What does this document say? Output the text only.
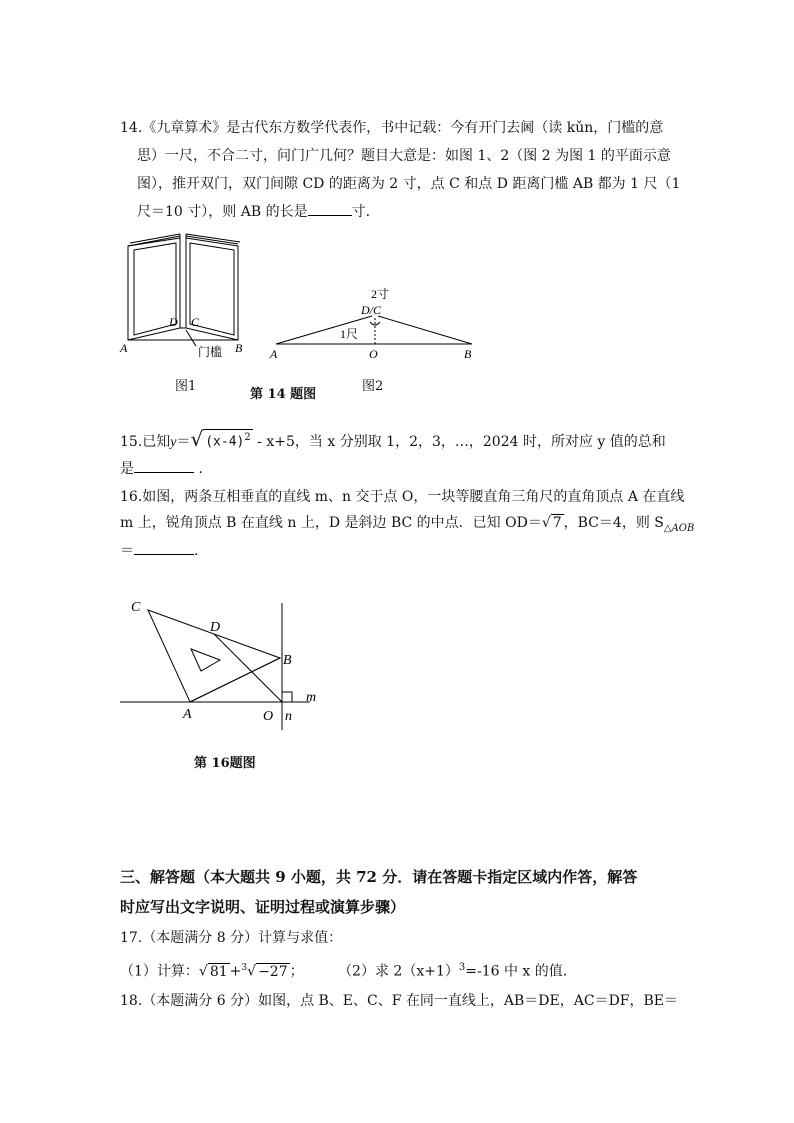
14.《九章算术》是古代东方数学代表作，书中记载：今有开门去阃（读 kǔn，门槛的意
思）一尺，不合二寸，问门广几何？题目大意是：如图 1、2（图 2 为图 1 的平面示意
图），推开双门，双门间隙 CD 的距离为 2 寸，点 C 和点 D 距离门槛 AB 都为 1 尺（1
尺＝10 寸），则 AB 的长是	寸.
A	B
D C
门槛
2寸
D/C
1尺
A	O	B
图1
第 14 题图
图2
15.已知y＝√ $(x-4)^2 - x+5$，当 x 分别取 1，2，3，…，2024 时，所对应 y 值的总和
是	．
16.如图，两条互相垂直的直线 m、n 交于点 O，一块等腰直角三角尺的直角顶点 A 在直线
m 上，锐角顶点 B 在直线 n 上，D 是斜边 BC 的中点．已知 OD＝√ 7 ，BC＝4，则 $S_{\triangle AOB}$
＝	.
C
D
B
A	O n
m
第 16题图
三、解答题（本大题共 9 小题，共 72 分．请在答题卡指定区域内作答，解答
时应写出文字说明、证明过程或演算步骤）
17.（本题满分 8 分）计算与求值：
（1）计算：√ 81 +$^3$√ −27 ； （2）求 $2(x+1)^3=-16$ 中 x 的值.
18.（本题满分 6 分）如图，点 B、E、C、F 在同一直线上，AB＝DE，AC＝DF，BE＝
